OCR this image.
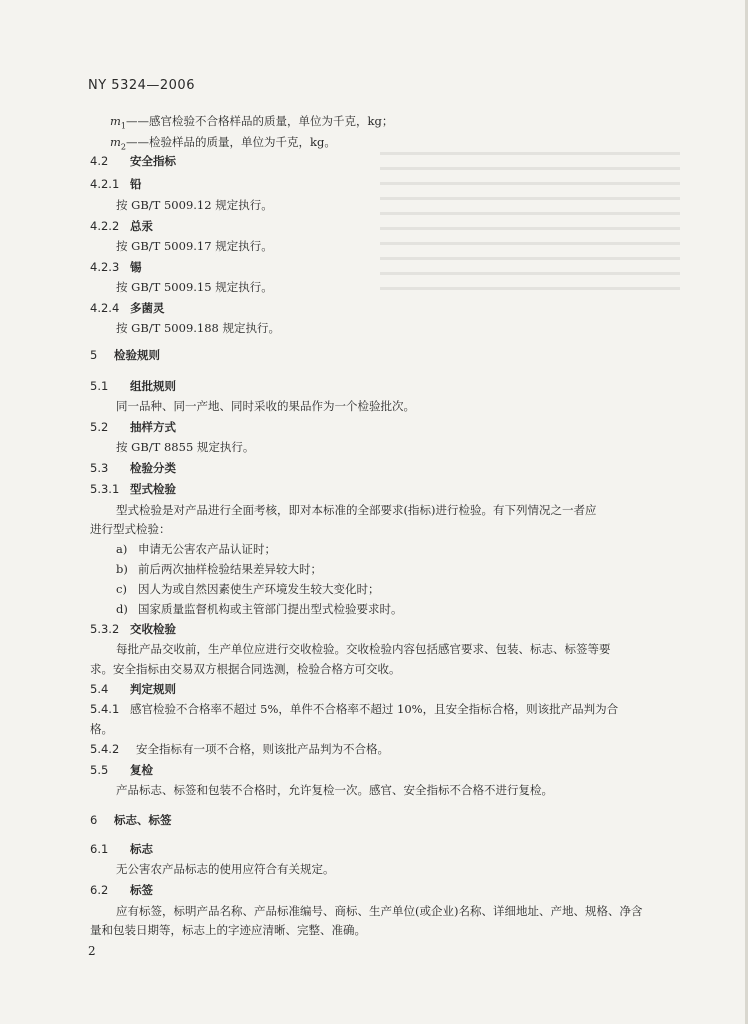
NY 5324—2006
$m_1——$感官检验不合格样品的质量，单位为千克，kg；
$m_2——$检验样品的质量，单位为千克，kg。
4.2 安全指标
4.2.1 铅
按 GB/T 5009.12 规定执行。
4.2.2 总汞
按 GB/T 5009.17 规定执行。
4.2.3 锡
按 GB/T 5009.15 规定执行。
4.2.4 多菌灵
按 GB/T 5009.188 规定执行。
5 检验规则
5.1 组批规则
同一品种、同一产地、同时采收的果品作为一个检验批次。
5.2 抽样方式
按 GB/T 8855 规定执行。
5.3 检验分类
5.3.1 型式检验
型式检验是对产品进行全面考核，即对本标准的全部要求(指标)进行检验。有下列情况之一者应
进行型式检验：
a) 申请无公害农产品认证时；
b) 前后两次抽样检验结果差异较大时；
c) 因人为或自然因素使生产环境发生较大变化时；
d) 国家质量监督机构或主管部门提出型式检验要求时。
5.3.2 交收检验
每批产品交收前，生产单位应进行交收检验。交收检验内容包括感官要求、包装、标志、标签等要
求。安全指标由交易双方根据合同选测，检验合格方可交收。
5.4 判定规则
5.4.1 感官检验不合格率不超过 5%，单件不合格率不超过 10%，且安全指标合格，则该批产品判为合
格。
5.4.2 安全指标有一项不合格，则该批产品判为不合格。
5.5 复检
产品标志、标签和包装不合格时，允许复检一次。感官、安全指标不合格不进行复检。
6 标志、标签
6.1 标志
无公害农产品标志的使用应符合有关规定。
6.2 标签
应有标签，标明产品名称、产品标准编号、商标、生产单位(或企业)名称、详细地址、产地、规格、净含
量和包装日期等，标志上的字迹应清晰、完整、准确。
2
